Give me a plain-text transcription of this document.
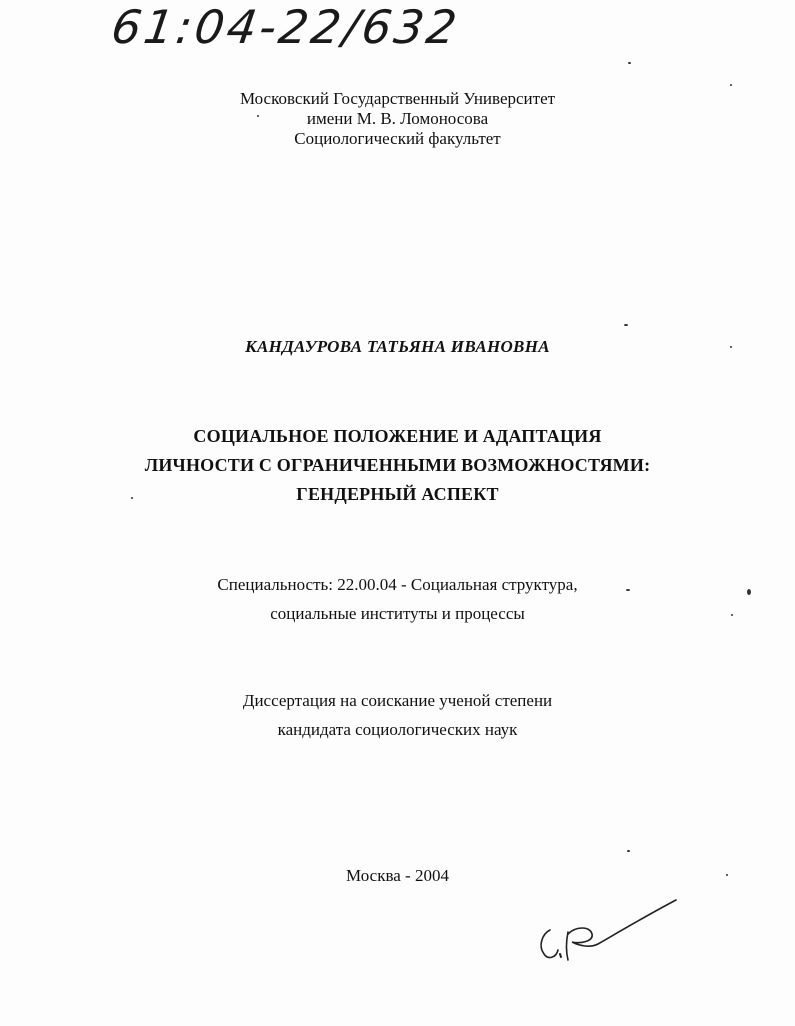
61:04-22/632
Московский Государственный Университет
имени М. В. Ломоносова
Социологический факультет
КАНДАУРОВА ТАТЬЯНА ИВАНОВНА
СОЦИАЛЬНОЕ ПОЛОЖЕНИЕ И АДАПТАЦИЯ
ЛИЧНОСТИ С ОГРАНИЧЕННЫМИ ВОЗМОЖНОСТЯМИ:
ГЕНДЕРНЫЙ АСПЕКТ
Специальность: 22.00.04 - Социальная структура,
социальные институты и процессы
Диссертация на соискание ученой степени
кандидата социологических наук
Москва - 2004
